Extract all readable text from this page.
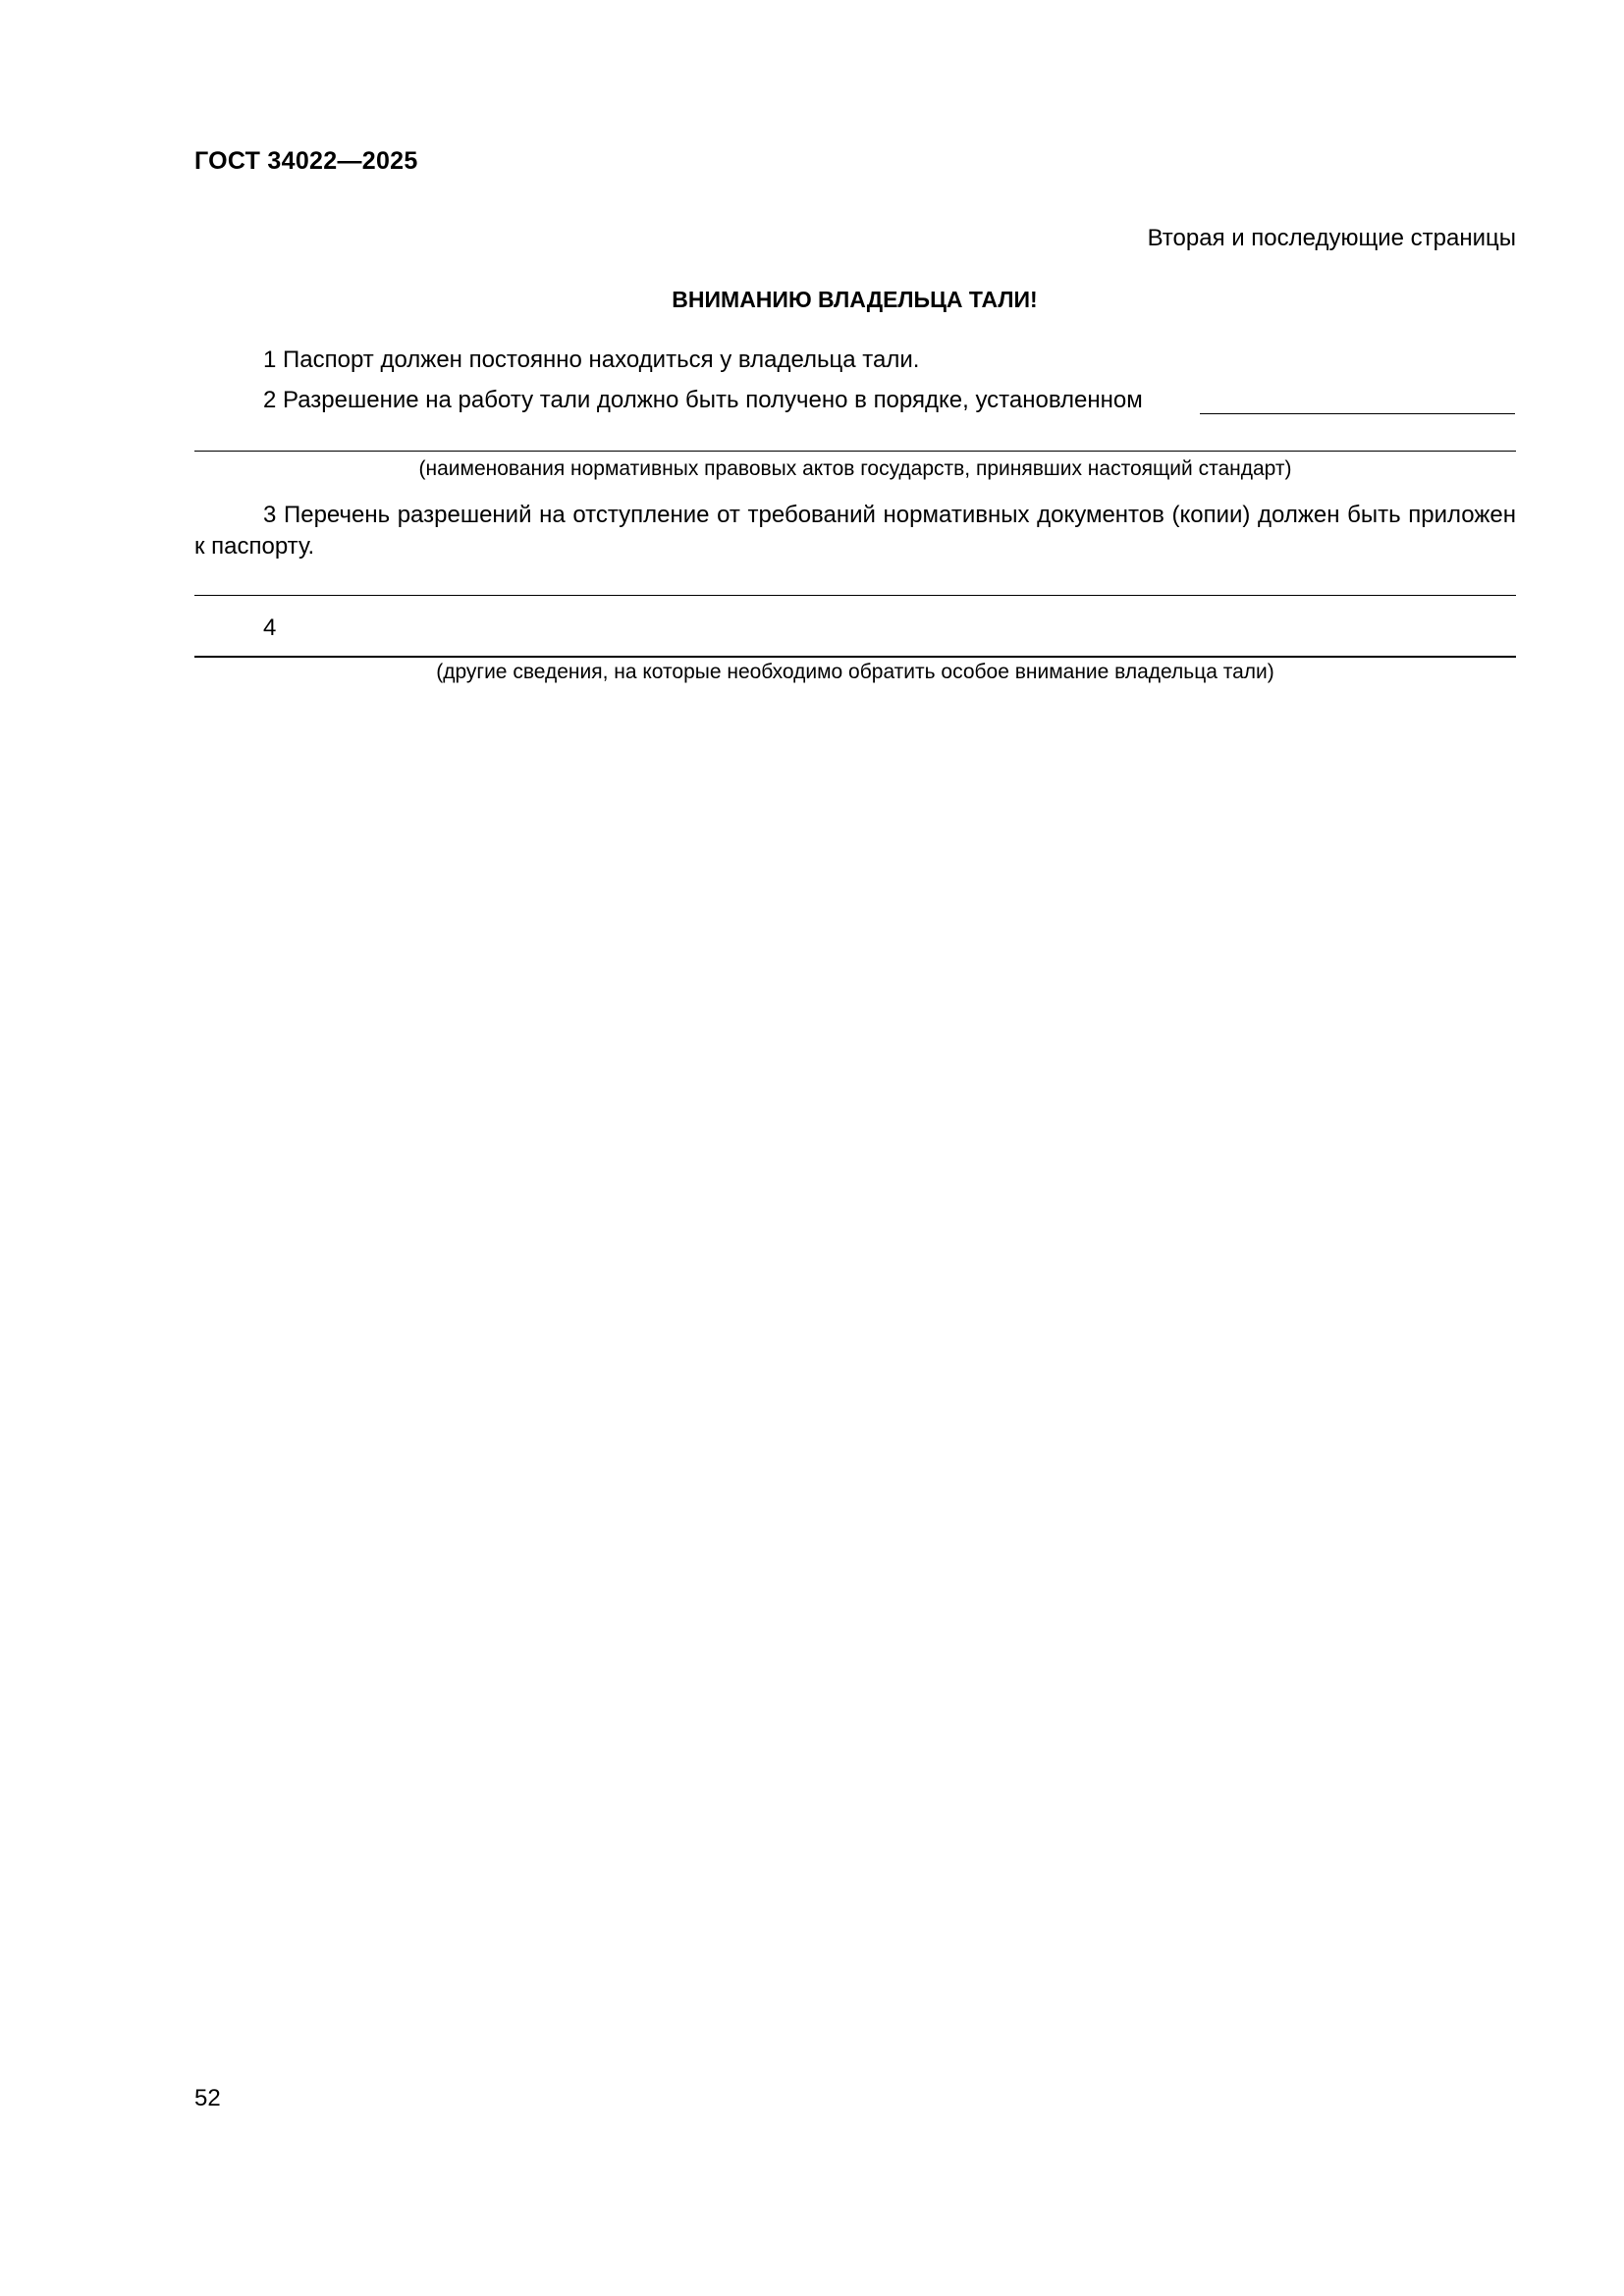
ГОСТ 34022—2025
Вторая и последующие страницы
ВНИМАНИЮ ВЛАДЕЛЬЦА ТАЛИ!
1 Паспорт должен постоянно находиться у владельца тали.
2 Разрешение на работу тали должно быть получено в порядке, установленном
(наименования нормативных правовых актов государств, принявших настоящий стандарт)
3 Перечень разрешений на отступление от требований нормативных документов (копии) должен быть приложен к паспорту.
4
(другие сведения, на которые необходимо обратить особое внимание владельца тали)
52
